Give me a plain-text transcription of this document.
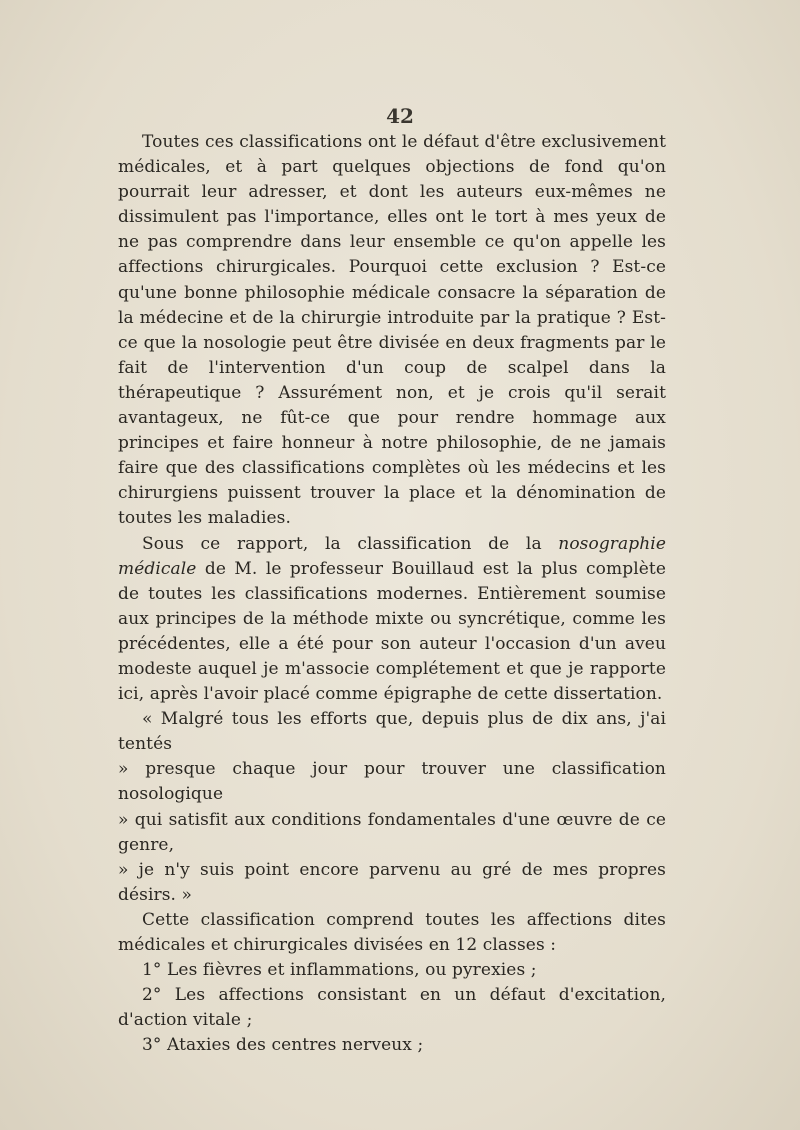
42

Toutes ces classifications ont le défaut d'être exclusivement médicales, et à part quelques objections de fond qu'on pourrait leur adresser, et dont les auteurs eux-mêmes ne dissimulent pas l'importance, elles ont le tort à mes yeux de ne pas comprendre dans leur ensemble ce qu'on appelle les affections chirurgicales. Pourquoi cette exclusion ? Est-ce qu'une bonne philosophie médicale consacre la séparation de la médecine et de la chirurgie introduite par la pratique ? Est-ce que la nosologie peut être divisée en deux fragments par le fait de l'intervention d'un coup de scalpel dans la thérapeutique ? Assurément non, et je crois qu'il serait avantageux, ne fût-ce que pour rendre hommage aux principes et faire honneur à notre philosophie, de ne jamais faire que des classifications complètes où les médecins et les chirurgiens puissent trouver la place et la dénomination de toutes les maladies.

Sous ce rapport, la classification de la nosographie médicale de M. le professeur Bouillaud est la plus complète de toutes les classifications modernes. Entièrement soumise aux principes de la méthode mixte ou syncrétique, comme les précédentes, elle a été pour son auteur l'occasion d'un aveu modeste auquel je m'associe complétement et que je rapporte ici, après l'avoir placé comme épigraphe de cette dissertation.

« Malgré tous les efforts que, depuis plus de dix ans, j'ai tentés

» presque chaque jour pour trouver une classification nosologique

» qui satisfit aux conditions fondamentales d'une œuvre de ce genre,

» je n'y suis point encore parvenu au gré de mes propres désirs. »

Cette classification comprend toutes les affections dites médicales et chirurgicales divisées en 12 classes :

1° Les fièvres et inflammations, ou pyrexies ;

2° Les affections consistant en un défaut d'excitation, d'action vitale ;

3° Ataxies des centres nerveux ;
